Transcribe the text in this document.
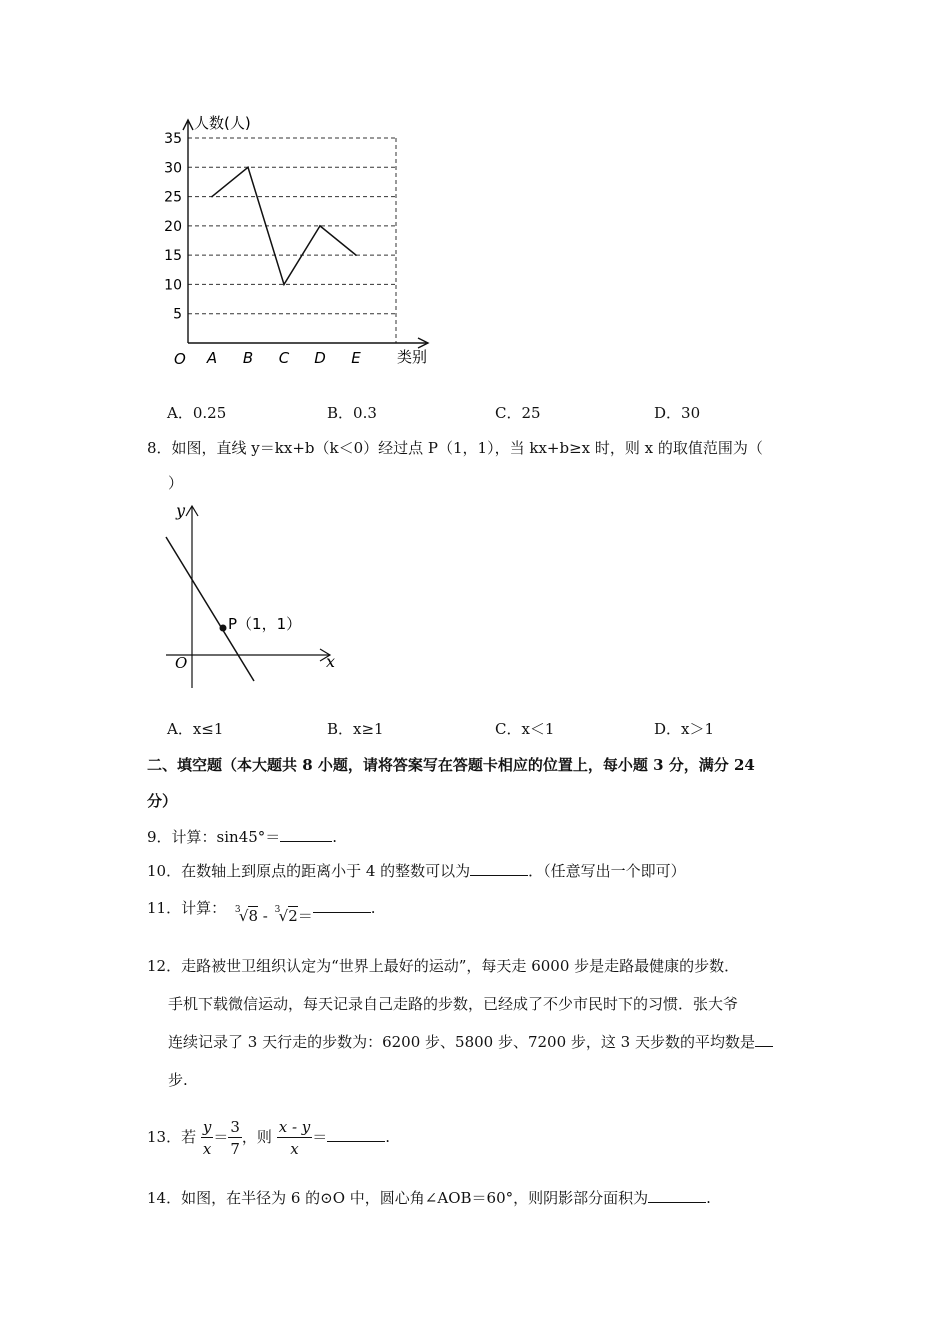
5
10
15
20
25
30
35
A B C D E
人数(人)
类别
O
A．0.25	B．0.3	C．25	D．30
8．如图，直线 y＝kx+b（k＜0）经过点 P（1，1），当 kx+b≥x 时，则 x 的取值范围为（
）
y
x
O
P（1，1）
A．x≤1	B．x≥1	C．x＜1	D．x＞1
二、填空题（本大题共 8 小题，请将答案写在答题卡相应的位置上，每小题 3 分，满分 24
分）
9．计算：sin45°＝	.
10．在数轴上到原点的距离小于 4 的整数可以为	．（任意写出一个即可）
11．计算： 3
√8 - 3
√2＝	.
12．走路被世卫组织认定为“世界上最好的运动”，每天走 6000 步是走路最健康的步数．
手机下载微信运动，每天记录自己走路的步数，已经成了不少市民时下的习惯．张大爷
连续记录了 3 天行走的步数为：6200 步、5800 步、7200 步，这 3 天步数的平均数是
步.
13．若 $\frac{y}{x} = \frac{3}{7}$ ，则 $\frac{x - y}{x}$ ＝	.
14．如图，在半径为 6 的⊙O 中，圆心角∠AOB＝60°，则阴影部分面积为	.
